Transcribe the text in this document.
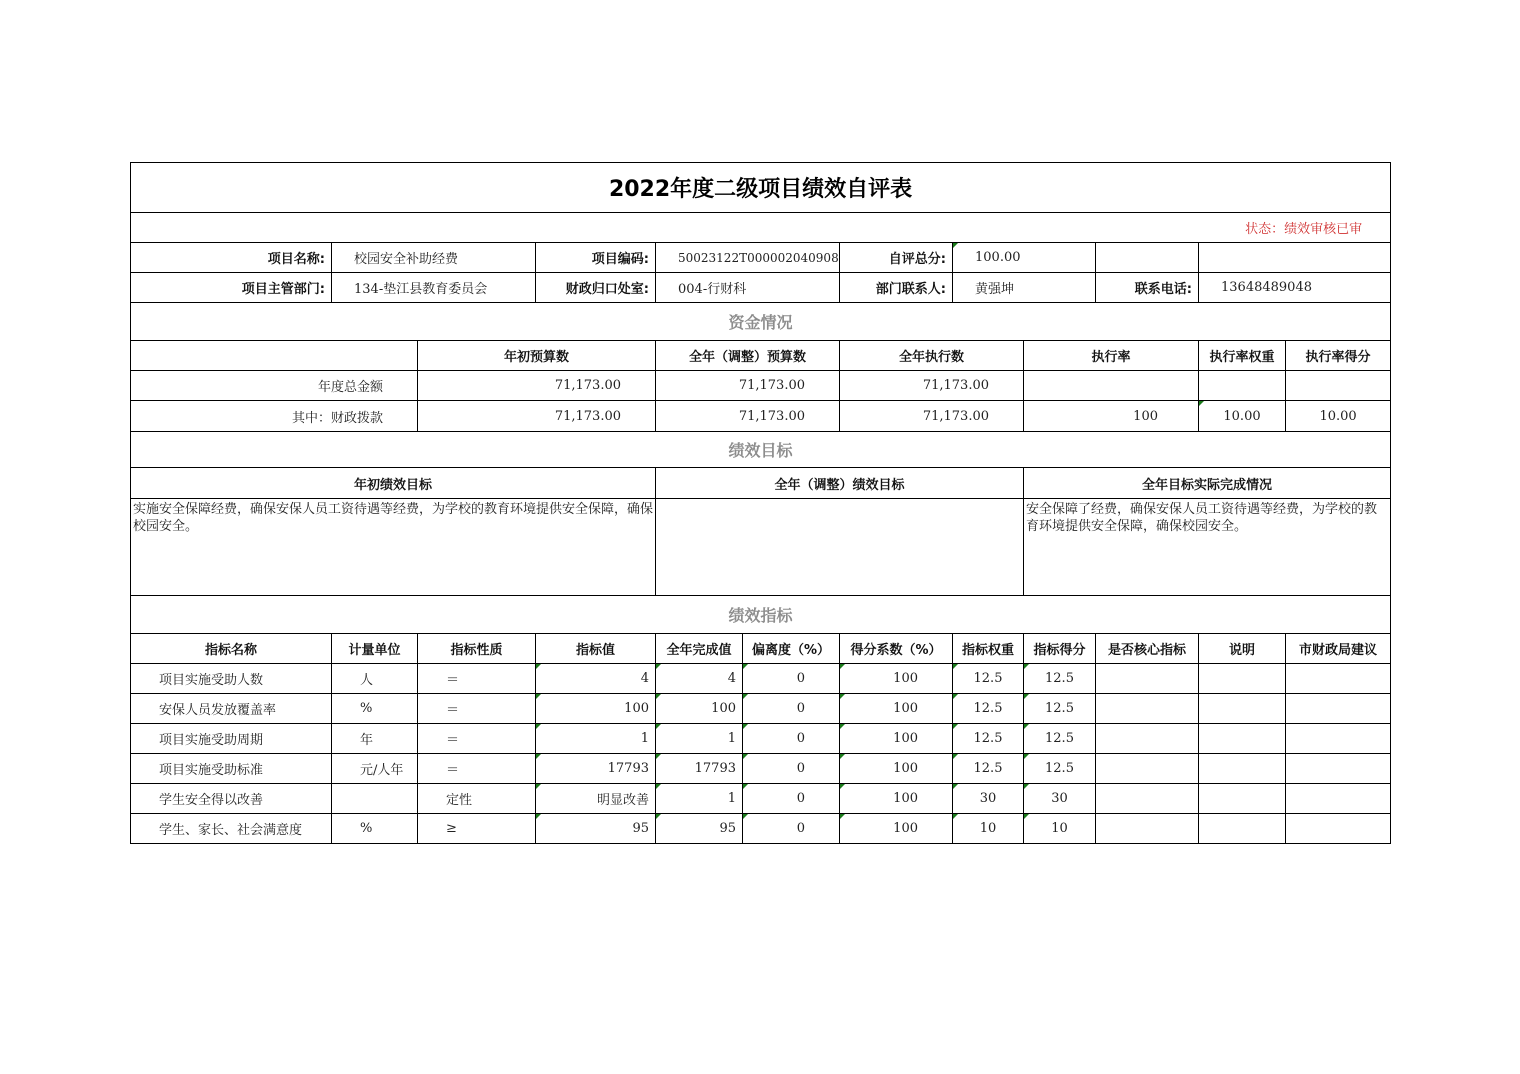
2022年度二级项目绩效自评表											
状态：绩效审核已审											
项目名称:	校园安全补助经费		项目编码:	50023122T000002040908		自评总分:	100.00				
项目主管部门:	134-垫江县教育委员会		财政归口处室:	004-行财科		部门联系人:	黄强坤		联系电话:	13648489048	
资金情况											
		年初预算数		全年（调整）预算数		全年执行数		执行率		执行率权重	执行率得分
年度总金额		71,173.00		71,173.00		71,173.00					
其中：财政拨款		71,173.00		71,173.00		71,173.00		100		10.00	10.00
绩效目标											
年初绩效目标				全年（调整）绩效目标				全年目标实际完成情况			
实施安全保障经费，确保安保人员工资待遇等经费，为学校的教育环境提供安全保障，确保校园安全。								安全保障了经费，确保安保人员工资待遇等经费，为学校的教育环境提供安全保障，确保校园安全。			
绩效指标											
指标名称	计量单位	指标性质	指标值	全年完成值	偏离度（%）	得分系数（%）	指标权重	指标得分	是否核心指标	说明	市财政局建议
项目实施受助人数	人	＝	4	4	0	100	12.5	12.5			
安保人员发放覆盖率	%	＝	100	100	0	100	12.5	12.5			
项目实施受助周期	年	＝	1	1	0	100	12.5	12.5			
项目实施受助标准	元/人年	＝	17793	17793	0	100	12.5	12.5			
学生安全得以改善		定性	明显改善	1	0	100	30	30			
学生、家长、社会满意度	%	≥	95	95	0	100	10	10			
